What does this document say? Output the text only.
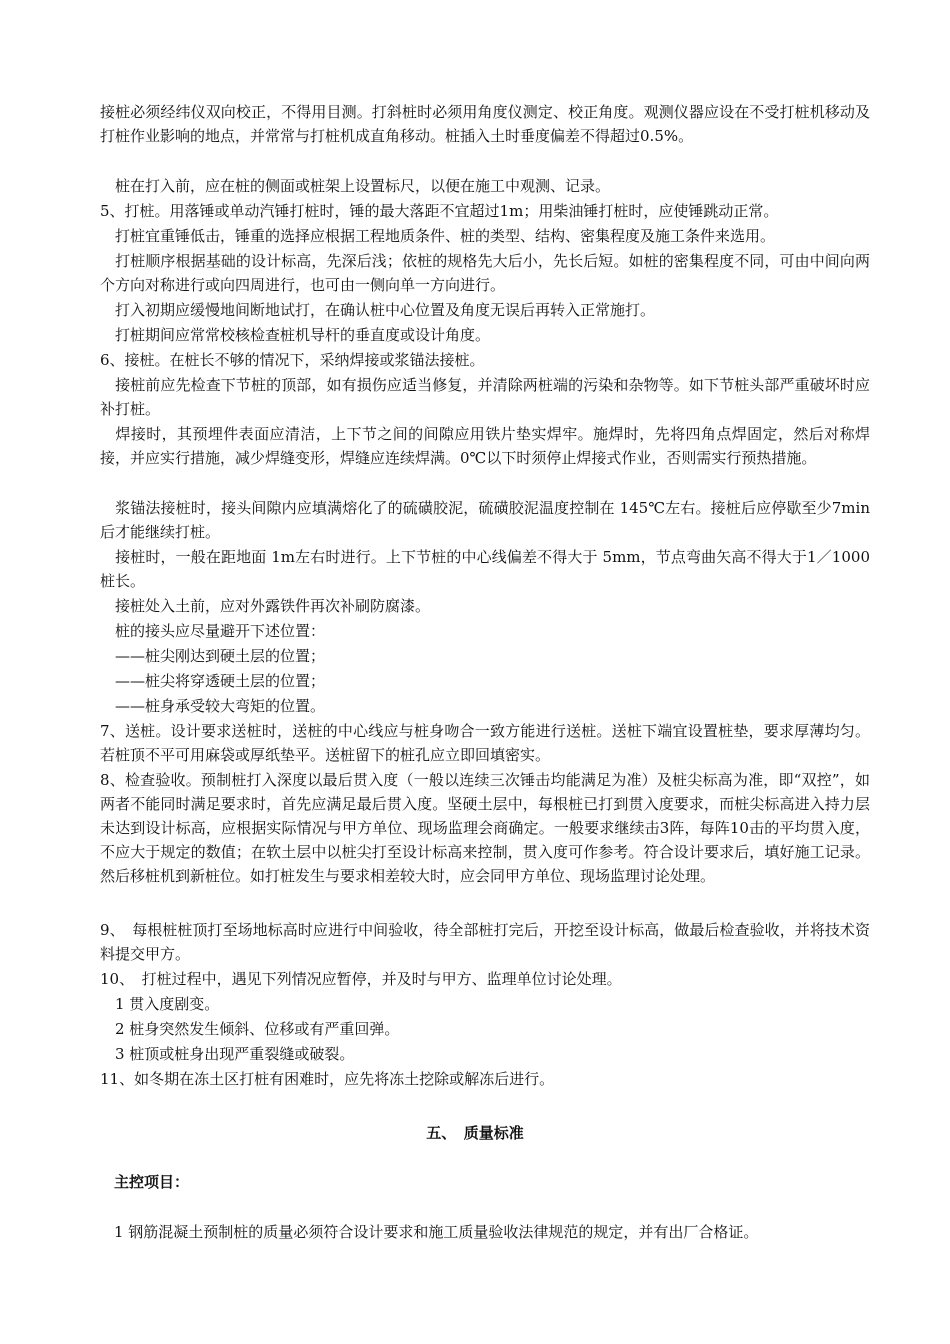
接桩必须经纬仪双向校正，不得用目测。打斜桩时必须用角度仪测定、校正角度。观测仪器应设在不受打桩机移动及打桩作业影响的地点，并常常与打桩机成直角移动。桩插入土时垂度偏差不得超过0.5%。

　桩在打入前，应在桩的侧面或桩架上设置标尺，以便在施工中观测、记录。

5、打桩。用落锤或单动汽锤打桩时，锤的最大落距不宜超过1m；用柴油锤打桩时，应使锤跳动正常。

　打桩宜重锤低击，锤重的选择应根据工程地质条件、桩的类型、结构、密集程度及施工条件来选用。

　打桩顺序根据基础的设计标高，先深后浅；依桩的规格先大后小，先长后短。如桩的密集程度不同，可由中间向两个方向对称进行或向四周进行，也可由一侧向单一方向进行。

　打入初期应缓慢地间断地试打，在确认桩中心位置及角度无误后再转入正常施打。

　打桩期间应常常校核检查桩机导杆的垂直度或设计角度。

6、接桩。在桩长不够的情况下，采纳焊接或浆锚法接桩。

　接桩前应先检查下节桩的顶部，如有损伤应适当修复，并清除两桩端的污染和杂物等。如下节桩头部严重破坏时应补打桩。

　焊接时，其预埋件表面应清洁，上下节之间的间隙应用铁片垫实焊牢。施焊时，先将四角点焊固定，然后对称焊接，并应实行措施，减少焊缝变形，焊缝应连续焊满。0℃以下时须停止焊接式作业，否则需实行预热措施。

　浆锚法接桩时，接头间隙内应填满熔化了的硫磺胶泥，硫磺胶泥温度控制在 145℃左右。接桩后应停歇至少7min后才能继续打桩。

　接桩时，一般在距地面 1m左右时进行。上下节桩的中心线偏差不得大于 5mm，节点弯曲矢高不得大于1／1000桩长。

　接桩处入土前，应对外露铁件再次补刷防腐漆。

　桩的接头应尽量避开下述位置：

　——桩尖刚达到硬土层的位置；

　——桩尖将穿透硬土层的位置；

　——桩身承受较大弯矩的位置。

7、送桩。设计要求送桩时，送桩的中心线应与桩身吻合一致方能进行送桩。送桩下端宜设置桩垫，要求厚薄均匀。若桩顶不平可用麻袋或厚纸垫平。送桩留下的桩孔应立即回填密实。

8、检查验收。预制桩打入深度以最后贯入度（一般以连续三次锤击均能满足为准）及桩尖标高为准，即“双控”，如两者不能同时满足要求时，首先应满足最后贯入度。坚硬土层中，每根桩已打到贯入度要求，而桩尖标高进入持力层未达到设计标高，应根据实际情况与甲方单位、现场监理会商确定。一般要求继续击3阵，每阵10击的平均贯入度，不应大于规定的数值；在软土层中以桩尖打至设计标高来控制，贯入度可作参考。符合设计要求后，填好施工记录。然后移桩机到新桩位。如打桩发生与要求相差较大时，应会同甲方单位、现场监理讨论处理。

9、　每根桩桩顶打至场地标高时应进行中间验收，待全部桩打完后，开挖至设计标高，做最后检查验收，并将技术资料提交甲方。

10、　打桩过程中，遇见下列情况应暂停，并及时与甲方、监理单位讨论处理。

　1 贯入度剧变。

　2 桩身突然发生倾斜、位移或有严重回弹。

　3 桩顶或桩身出现严重裂缝或破裂。

11、如冬期在冻土区打桩有困难时，应先将冻土挖除或解冻后进行。

五、　质量标准

主控项目：

1 钢筋混凝土预制桩的质量必须符合设计要求和施工质量验收法律规范的规定，并有出厂合格证。
